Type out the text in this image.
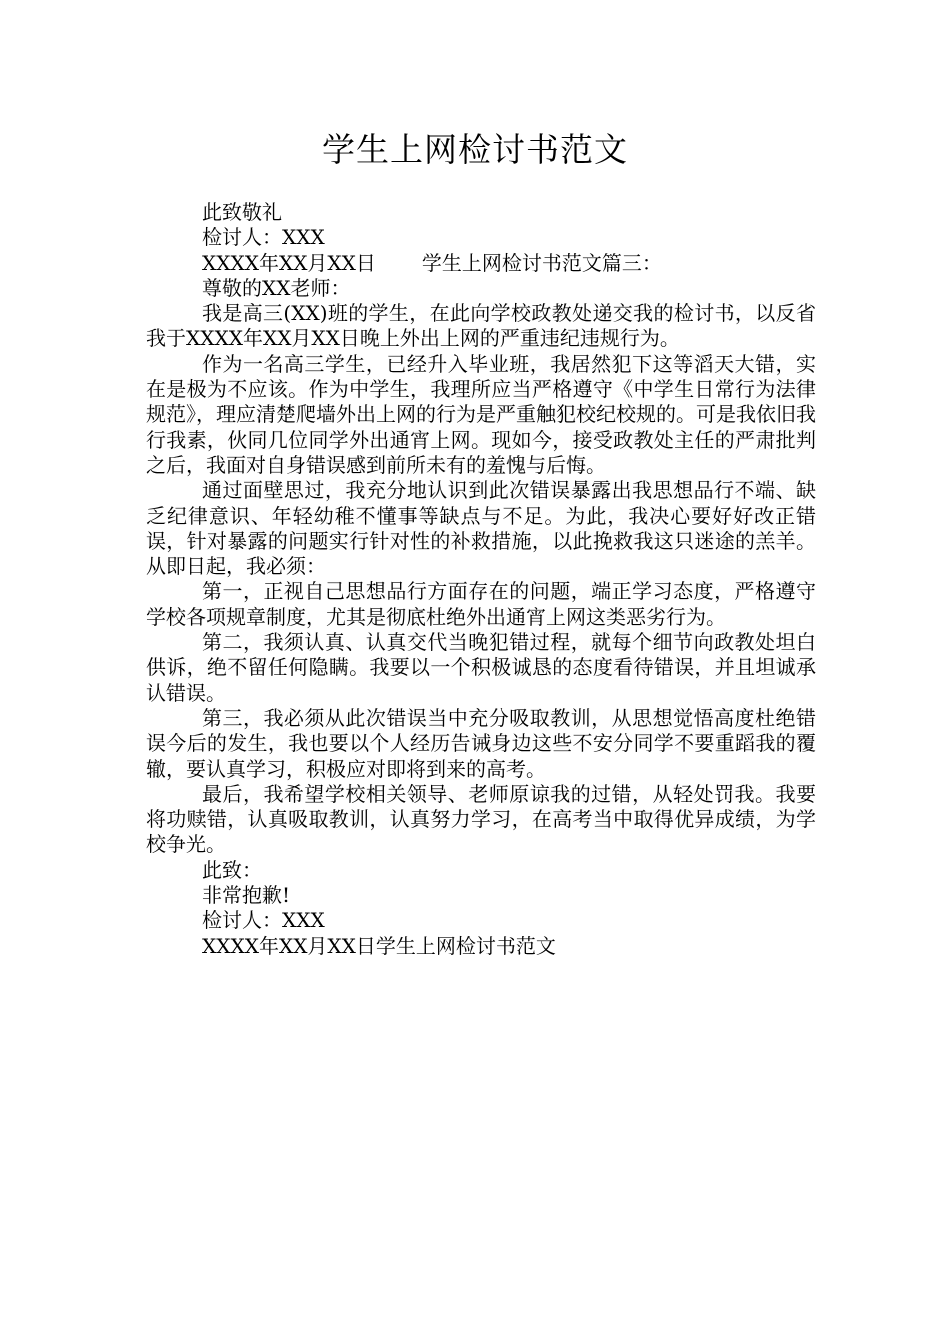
学生上网检讨书范文

此致敬礼

检讨人：XXX

XXXX年XX月XX日 学生上网检讨书范文篇三：

尊敬的XX老师：

我是高三(XX)班的学生，在此向学校政教处递交我的检讨书，以反省我于XXXX年XX月XX日晚上外出上网的严重违纪违规行为。

作为一名高三学生，已经升入毕业班，我居然犯下这等滔天大错，实在是极为不应该。作为中学生，我理所应当严格遵守《中学生日常行为法律规范》，理应清楚爬墙外出上网的行为是严重触犯校纪校规的。可是我依旧我行我素，伙同几位同学外出通宵上网。现如今，接受政教处主任的严肃批判之后，我面对自身错误感到前所未有的羞愧与后悔。

通过面壁思过，我充分地认识到此次错误暴露出我思想品行不端、缺乏纪律意识、年轻幼稚不懂事等缺点与不足。为此，我决心要好好改正错误，针对暴露的问题实行针对性的补救措施，以此挽救我这只迷途的羔羊。从即日起，我必须：

第一，正视自己思想品行方面存在的问题，端正学习态度，严格遵守学校各项规章制度，尤其是彻底杜绝外出通宵上网这类恶劣行为。

第二，我须认真、认真交代当晚犯错过程，就每个细节向政教处坦白供诉，绝不留任何隐瞒。我要以一个积极诚恳的态度看待错误，并且坦诚承认错误。

第三，我必须从此次错误当中充分吸取教训，从思想觉悟高度杜绝错误今后的发生，我也要以个人经历告诫身边这些不安分同学不要重蹈我的覆辙，要认真学习，积极应对即将到来的高考。

最后，我希望学校相关领导、老师原谅我的过错，从轻处罚我。我要将功赎错，认真吸取教训，认真努力学习，在高考当中取得优异成绩，为学校争光。

此致：

非常抱歉!

检讨人：XXX

XXXX年XX月XX日学生上网检讨书范文
